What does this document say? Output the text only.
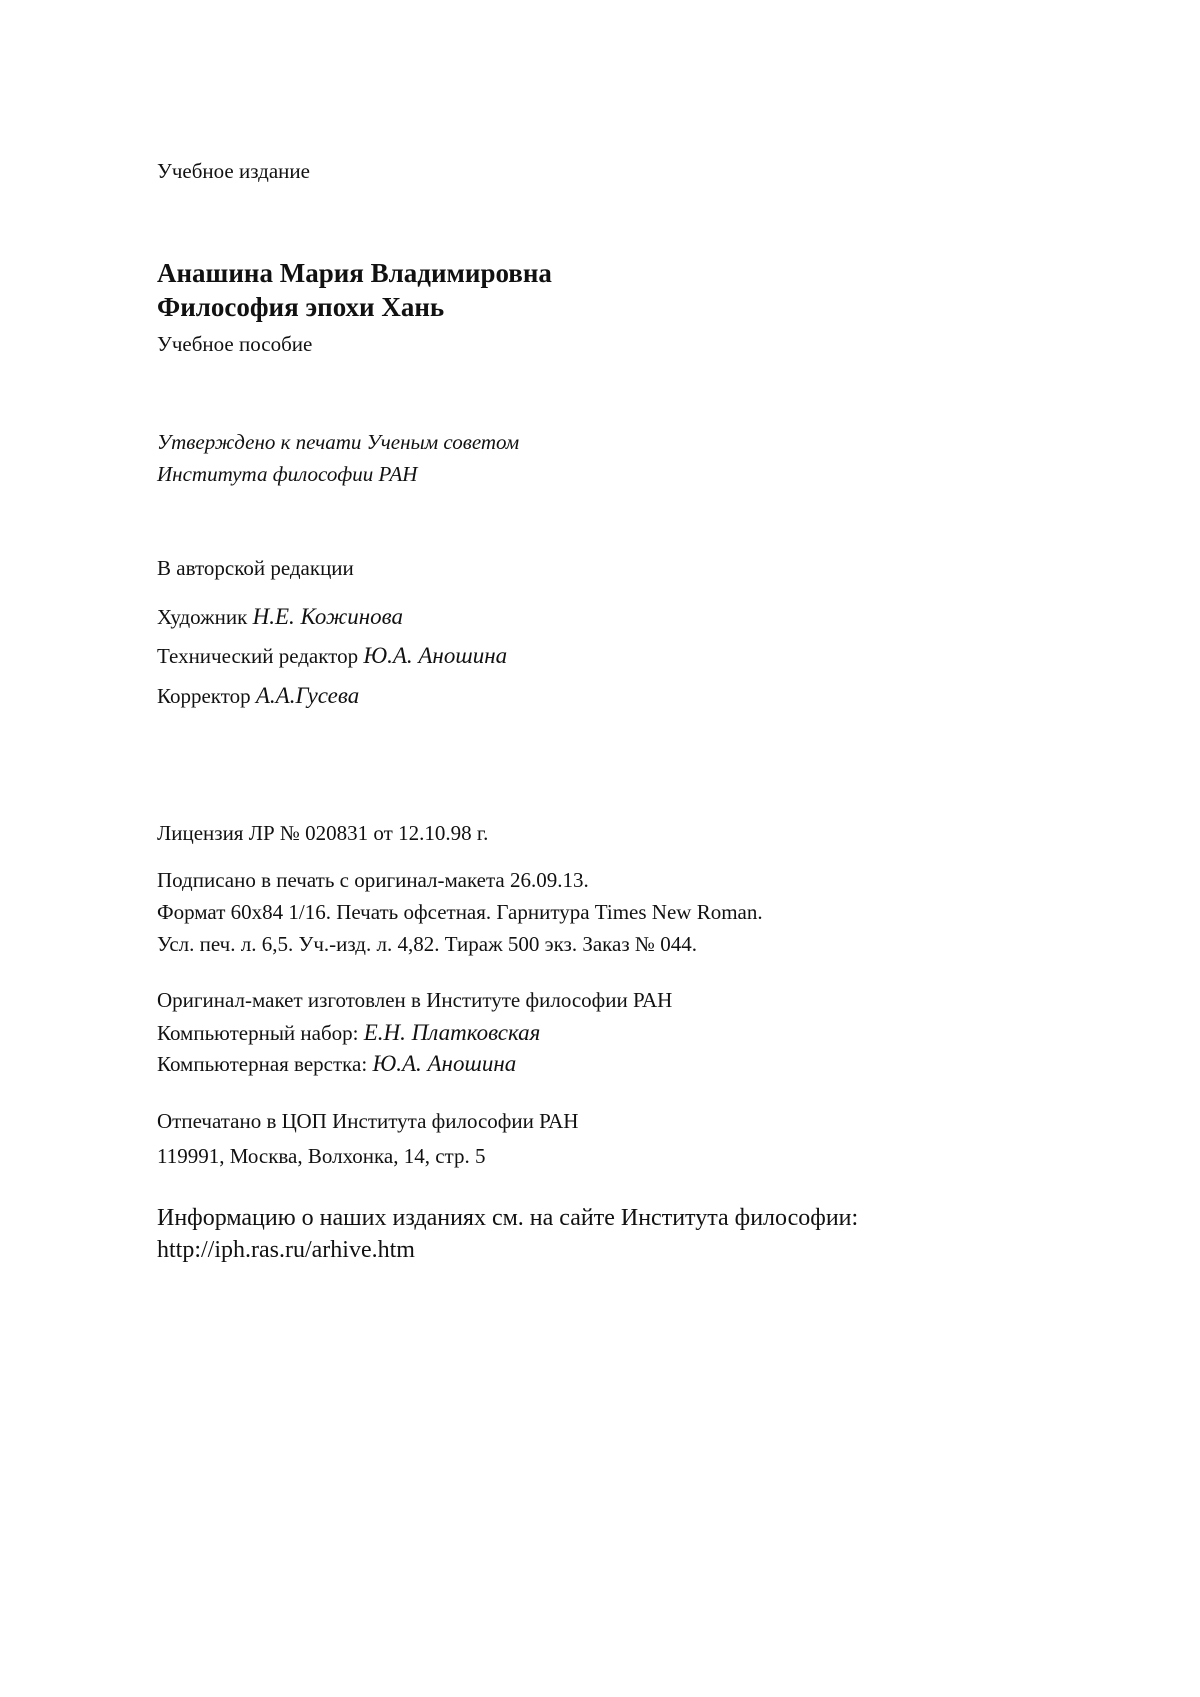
Учебное издание
Анашина Мария Владимировна
Философия эпохи Хань
Учебное пособие
Утверждено к печати Ученым советом
Института философии РАН
В авторской редакции
Художник Н.Е. Кожинова
Технический редактор Ю.А. Аношина
Корректор А.А.Гусева
Лицензия ЛР № 020831 от 12.10.98 г.
Подписано в печать с оригинал-макета 26.09.13.
Формат 60x84 1/16. Печать офсетная. Гарнитура Times New Roman.
Усл. печ. л. 6,5. Уч.-изд. л. 4,82. Тираж 500 экз. Заказ № 044.
Оригинал-макет изготовлен в Институте философии РАН
Компьютерный набор: Е.Н. Платковская
Компьютерная верстка: Ю.А. Аношина
Отпечатано в ЦОП Института философии РАН
119991, Москва, Волхонка, 14, стр. 5
Информацию о наших изданиях см. на сайте Института философии:
http://iph.ras.ru/arhive.htm
